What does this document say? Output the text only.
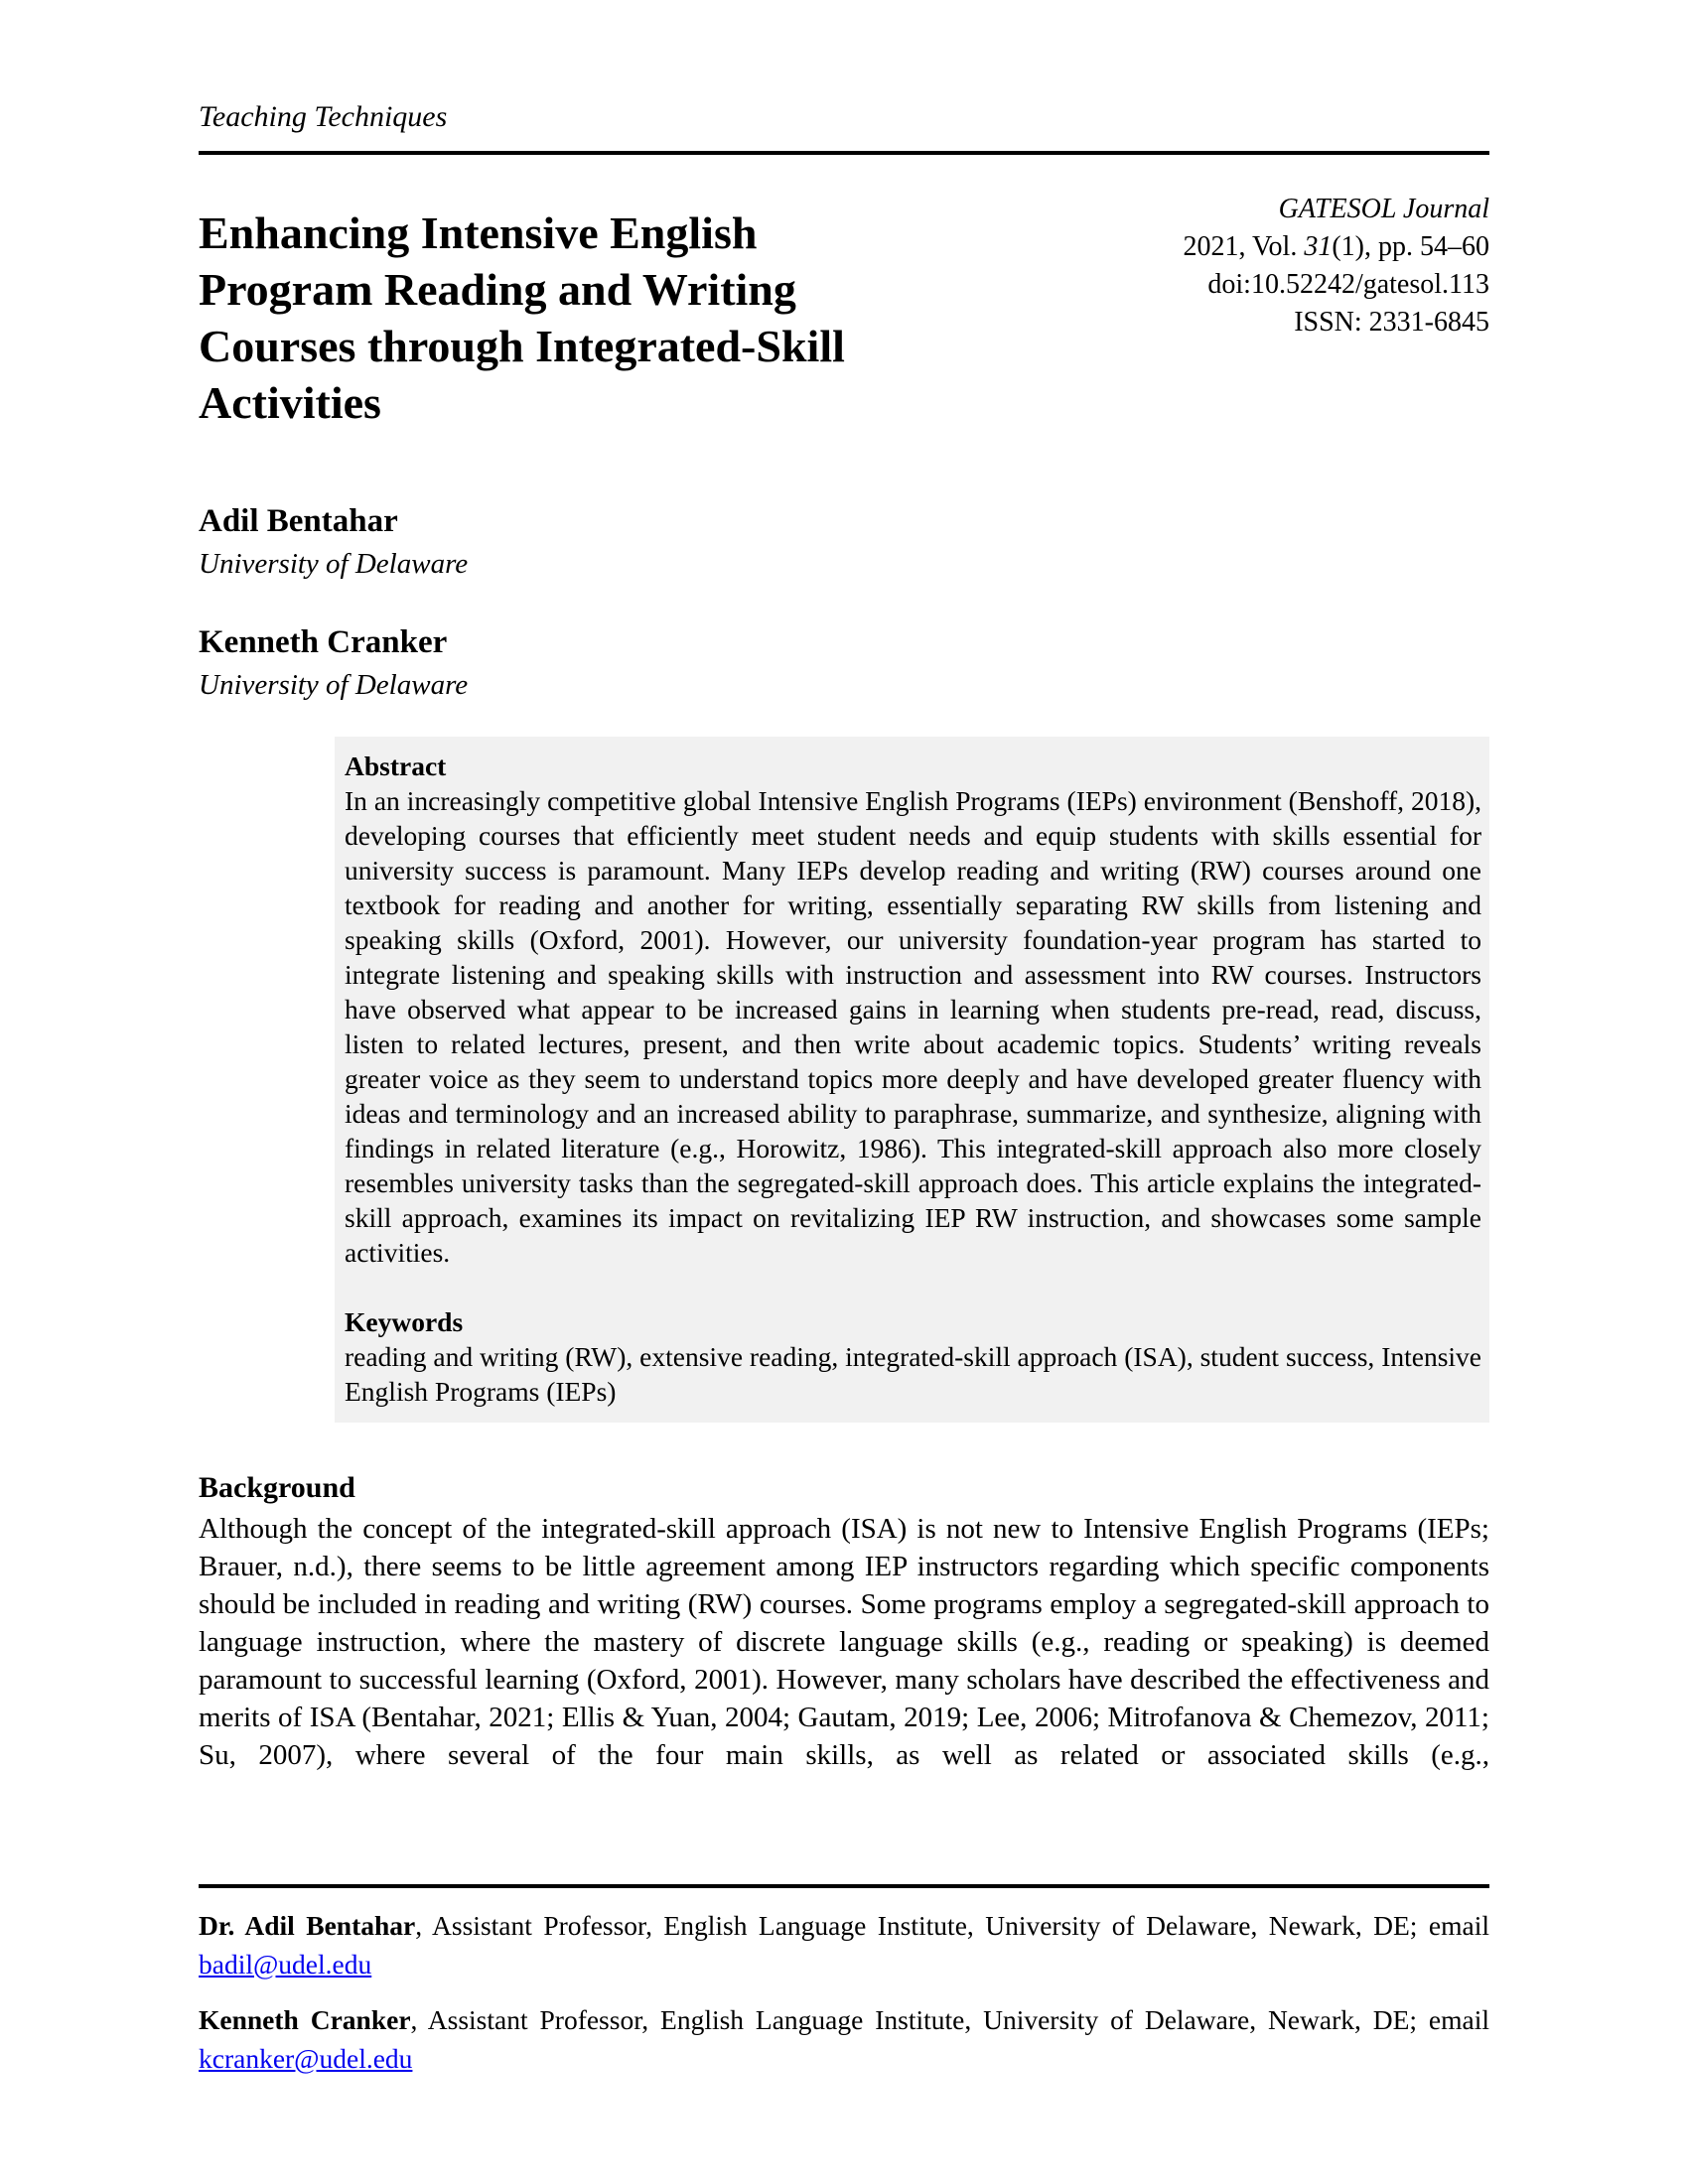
Teaching Techniques
Enhancing Intensive English
Program Reading and Writing
Courses through Integrated-Skill
Activities
GATESOL Journal
2021, Vol. 31(1), pp. 54–60
doi:10.52242/gatesol.113
ISSN: 2331-6845
Adil Bentahar
University of Delaware
Kenneth Cranker
University of Delaware
Abstract
In an increasingly competitive global Intensive English Programs (IEPs) environment (Benshoff, 2018), developing courses that efficiently meet student needs and equip students with skills essential for university success is paramount. Many IEPs develop reading and writing (RW) courses around one textbook for reading and another for writing, essentially separating RW skills from listening and speaking skills (Oxford, 2001). However, our university foundation-year program has started to integrate listening and speaking skills with instruction and assessment into RW courses. Instructors have observed what appear to be increased gains in learning when students pre-read, read, discuss, listen to related lectures, present, and then write about academic topics. Students’ writing reveals greater voice as they seem to understand topics more deeply and have developed greater fluency with ideas and terminology and an increased ability to paraphrase, summarize, and synthesize, aligning with findings in related literature (e.g., Horowitz, 1986). This integrated-skill approach also more closely resembles university tasks than the segregated-skill approach does. This article explains the integrated-skill approach, examines its impact on revitalizing IEP RW instruction, and showcases some sample activities.
Keywords
reading and writing (RW), extensive reading, integrated-skill approach (ISA), student success, Intensive English Programs (IEPs)
Background
Although the concept of the integrated-skill approach (ISA) is not new to Intensive English Programs (IEPs; Brauer, n.d.), there seems to be little agreement among IEP instructors regarding which specific components should be included in reading and writing (RW) courses. Some programs employ a segregated-skill approach to language instruction, where the mastery of discrete language skills (e.g., reading or speaking) is deemed paramount to successful learning (Oxford, 2001). However, many scholars have described the effectiveness and merits of ISA (Bentahar, 2021; Ellis & Yuan, 2004; Gautam, 2019; Lee, 2006; Mitrofanova & Chemezov, 2011; Su, 2007), where several of the four main skills, as well as related or associated skills (e.g.,
Dr. Adil Bentahar, Assistant Professor, English Language Institute, University of Delaware, Newark, DE; email badil@udel.edu
Kenneth Cranker, Assistant Professor, English Language Institute, University of Delaware, Newark, DE; email kcranker@udel.edu
